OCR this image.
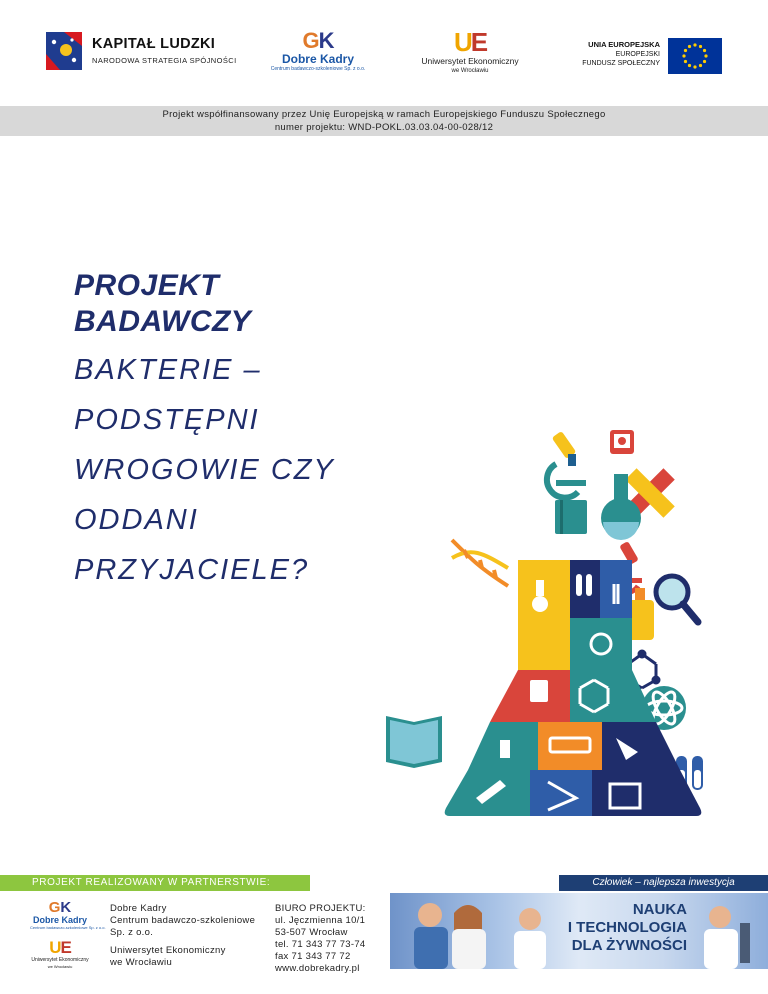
KAPITAŁ LUDZKI
NARODOWA STRATEGIA SPÓJNOŚCI
GK
Dobre Kadry
Centrum badawczo-szkoleniowe Sp. z o.o.
UE
Uniwersytet Ekonomiczny
we Wrocławiu
UNIA EUROPEJSKA
EUROPEJSKI
FUNDUSZ SPOŁECZNY
Projekt współfinansowany przez Unię Europejską w ramach Europejskiego Funduszu Społecznego
numer projektu: WND-POKL.03.03.04-00-028/12
PROJEKT
BADAWCZY
BAKTERIE –
PODSTĘPNI
WROGOWIE CZY
ODDANI
PRZYJACIELE?
PROJEKT REALIZOWANY W PARTNERSTWIE:	Człowiek – najlepsza inwestycja
GK
Dobre Kadry
Centrum badawczo-szkoleniowe Sp. z o.o.
UE
Uniwersytet Ekonomiczny
we Wrocławiu
Dobre Kadry
Centrum badawczo-szkoleniowe
Sp. z o.o.
Uniwersytet Ekonomiczny
we Wrocławiu
BIURO PROJEKTU:
ul. Jęczmienna 10/1
53-507 Wrocław
tel. 71 343 77 73-74
fax 71 343 77 72
www.dobrekadry.pl
NAUKA
I TECHNOLOGIA
DLA ŻYWNOŚCI
